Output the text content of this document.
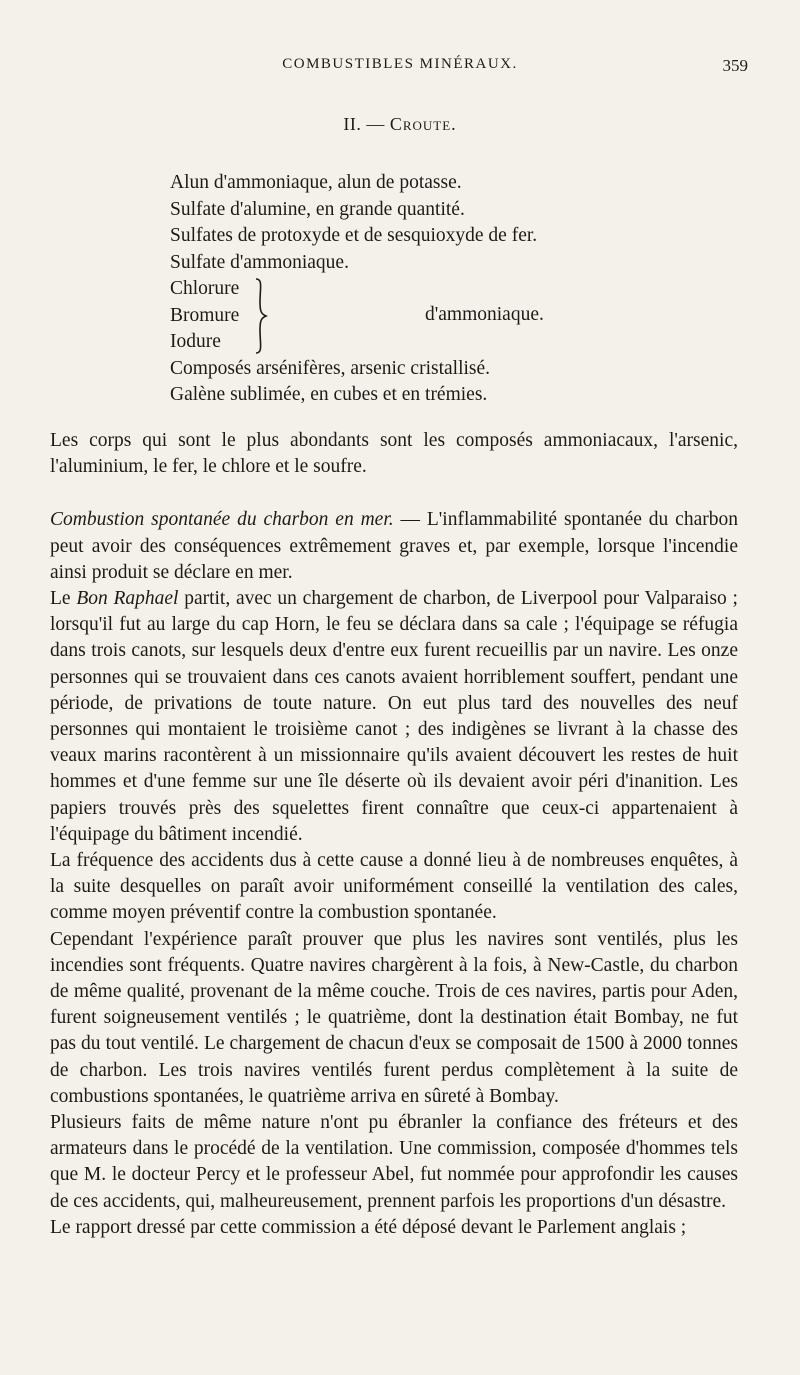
COMBUSTIBLES MINÉRAUX.	359
II. — Croute.
Alun d'ammoniaque, alun de potasse.
Sulfate d'alumine, en grande quantité.
Sulfates de protoxyde et de sesquioxyde de fer.
Sulfate d'ammoniaque.
Chlorure
Bromure
Iodure
d'ammoniaque.
Composés arsénifères, arsenic cristallisé.
Galène sublimée, en cubes et en trémies.

Les corps qui sont le plus abondants sont les composés ammoniacaux, l'arsenic, l'aluminium, le fer, le chlore et le soufre.

Combustion spontanée du charbon en mer. — L'inflammabilité spontanée du charbon peut avoir des conséquences extrêmement graves et, par exemple, lorsque l'incendie ainsi produit se déclare en mer.

Le Bon Raphael partit, avec un chargement de charbon, de Liverpool pour Valparaiso ; lorsqu'il fut au large du cap Horn, le feu se déclara dans sa cale ; l'équipage se réfugia dans trois canots, sur lesquels deux d'entre eux furent recueillis par un navire. Les onze personnes qui se trouvaient dans ces canots avaient horriblement souffert, pendant une période, de privations de toute nature. On eut plus tard des nouvelles des neuf personnes qui montaient le troisième canot ; des indigènes se livrant à la chasse des veaux marins racontèrent à un missionnaire qu'ils avaient découvert les restes de huit hommes et d'une femme sur une île déserte où ils devaient avoir péri d'inanition. Les papiers trouvés près des squelettes firent connaître que ceux-ci appartenaient à l'équipage du bâtiment incendié.

La fréquence des accidents dus à cette cause a donné lieu à de nombreuses enquêtes, à la suite desquelles on paraît avoir uniformément conseillé la ventilation des cales, comme moyen préventif contre la combustion spontanée.

Cependant l'expérience paraît prouver que plus les navires sont ventilés, plus les incendies sont fréquents. Quatre navires chargèrent à la fois, à New-Castle, du charbon de même qualité, provenant de la même couche. Trois de ces navires, partis pour Aden, furent soigneusement ventilés ; le quatrième, dont la destination était Bombay, ne fut pas du tout ventilé. Le chargement de chacun d'eux se composait de 1500 à 2000 tonnes de charbon. Les trois navires ventilés furent perdus complètement à la suite de combustions spontanées, le quatrième arriva en sûreté à Bombay.

Plusieurs faits de même nature n'ont pu ébranler la confiance des fréteurs et des armateurs dans le procédé de la ventilation. Une commission, composée d'hommes tels que M. le docteur Percy et le professeur Abel, fut nommée pour approfondir les causes de ces accidents, qui, malheureusement, prennent parfois les proportions d'un désastre.

Le rapport dressé par cette commission a été déposé devant le Parlement anglais ;
